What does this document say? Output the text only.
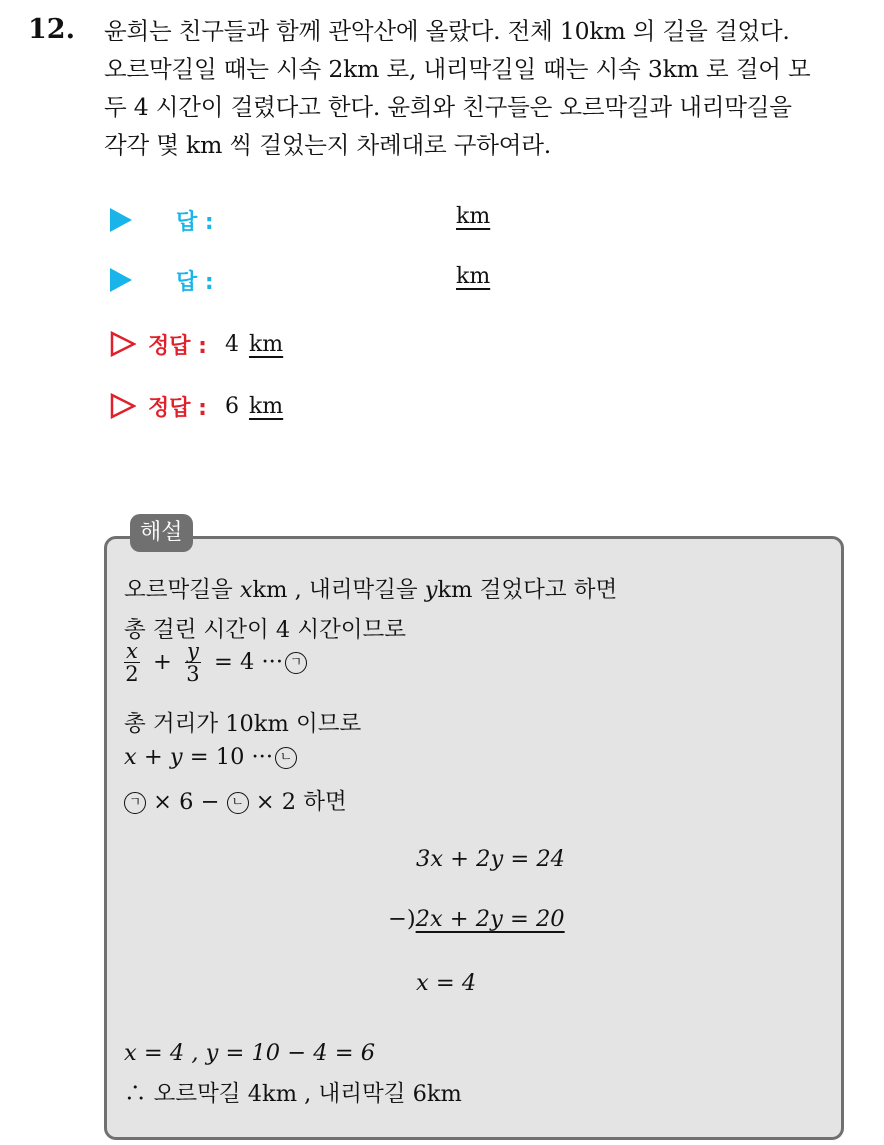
12. 윤희는 친구들과 함께 관악산에 올랐다. 전체 10km 의 길을 걸었다.
오르막길일 때는 시속 2km 로, 내리막길일 때는 시속 3km 로 걸어 모
두 4 시간이 걸렸다고 한다. 윤희와 친구들은 오르막길과 내리막길을
각각 몇 km 씩 걸었는지 차례대로 구하여라.
답 :	km
답 :	km
정답 : 4 km
정답 : 6 km
해설
오르막길을 xkm , 내리막길을 ykm 걸었다고 하면
총 걸린 시간이 4 시간이므로
$\frac{x}{2} + \frac{y}{3} = 4$ ··· ㄱ
총 거리가 10km 이므로
x + y = 10 ··· ㄴ
ㄱ × 6 − ㄴ × 2 하면
3x + 2y = 24
−)2x + 2y = 20
x = 4
x = 4 , y = 10 − 4 = 6
∴ 오르막길 4km , 내리막길 6km
